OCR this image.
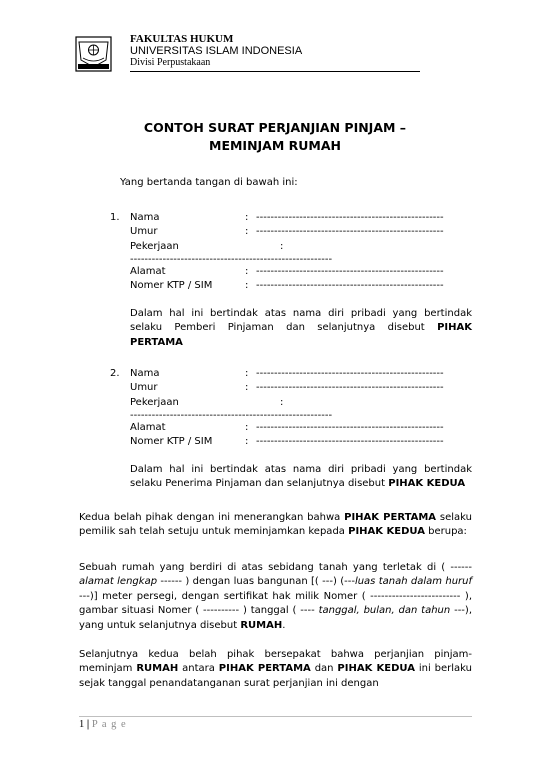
FAKULTAS HUKUM
UNIVERSITAS ISLAM INDONESIA
Divisi Perpustakaan
CONTOH SURAT PERJANJIAN PINJAM –
MEMINJAM RUMAH
Yang bertanda tangan di bawah ini:
1. Nama	: ----------------------------------------------------
Umur	: ----------------------------------------------------
Pekerjaan	:
--------------------------------------------------------
Alamat	: ----------------------------------------------------
Nomer KTP / SIM	: ----------------------------------------------------
Dalam hal ini bertindak atas nama diri pribadi yang bertindak selaku Pemberi Pinjaman dan selanjutnya disebut PIHAK PERTAMA
2. Nama	: ----------------------------------------------------
Umur	: ----------------------------------------------------
Pekerjaan	:
--------------------------------------------------------
Alamat	: ----------------------------------------------------
Nomer KTP / SIM	: ----------------------------------------------------
Dalam hal ini bertindak atas nama diri pribadi yang bertindak selaku Penerima Pinjaman dan selanjutnya disebut PIHAK KEDUA
Kedua belah pihak dengan ini menerangkan bahwa PIHAK PERTAMA selaku pemilik sah telah setuju untuk meminjamkan kepada PIHAK KEDUA berupa:
Sebuah rumah yang berdiri di atas sebidang tanah yang terletak di ( ------ alamat lengkap ------ ) dengan luas bangunan [( ---) (---luas tanah dalam huruf ---)] meter persegi, dengan sertifikat hak milik Nomer ( ------------------------- ), gambar situasi Nomer ( ---------- ) tanggal ( ---- tanggal, bulan, dan tahun ---), yang untuk selanjutnya disebut RUMAH.
Selanjutnya kedua belah pihak bersepakat bahwa perjanjian pinjam-meminjam RUMAH antara PIHAK PERTAMA dan PIHAK KEDUA ini berlaku sejak tanggal penandatanganan surat perjanjian ini dengan
1 | P a g e
